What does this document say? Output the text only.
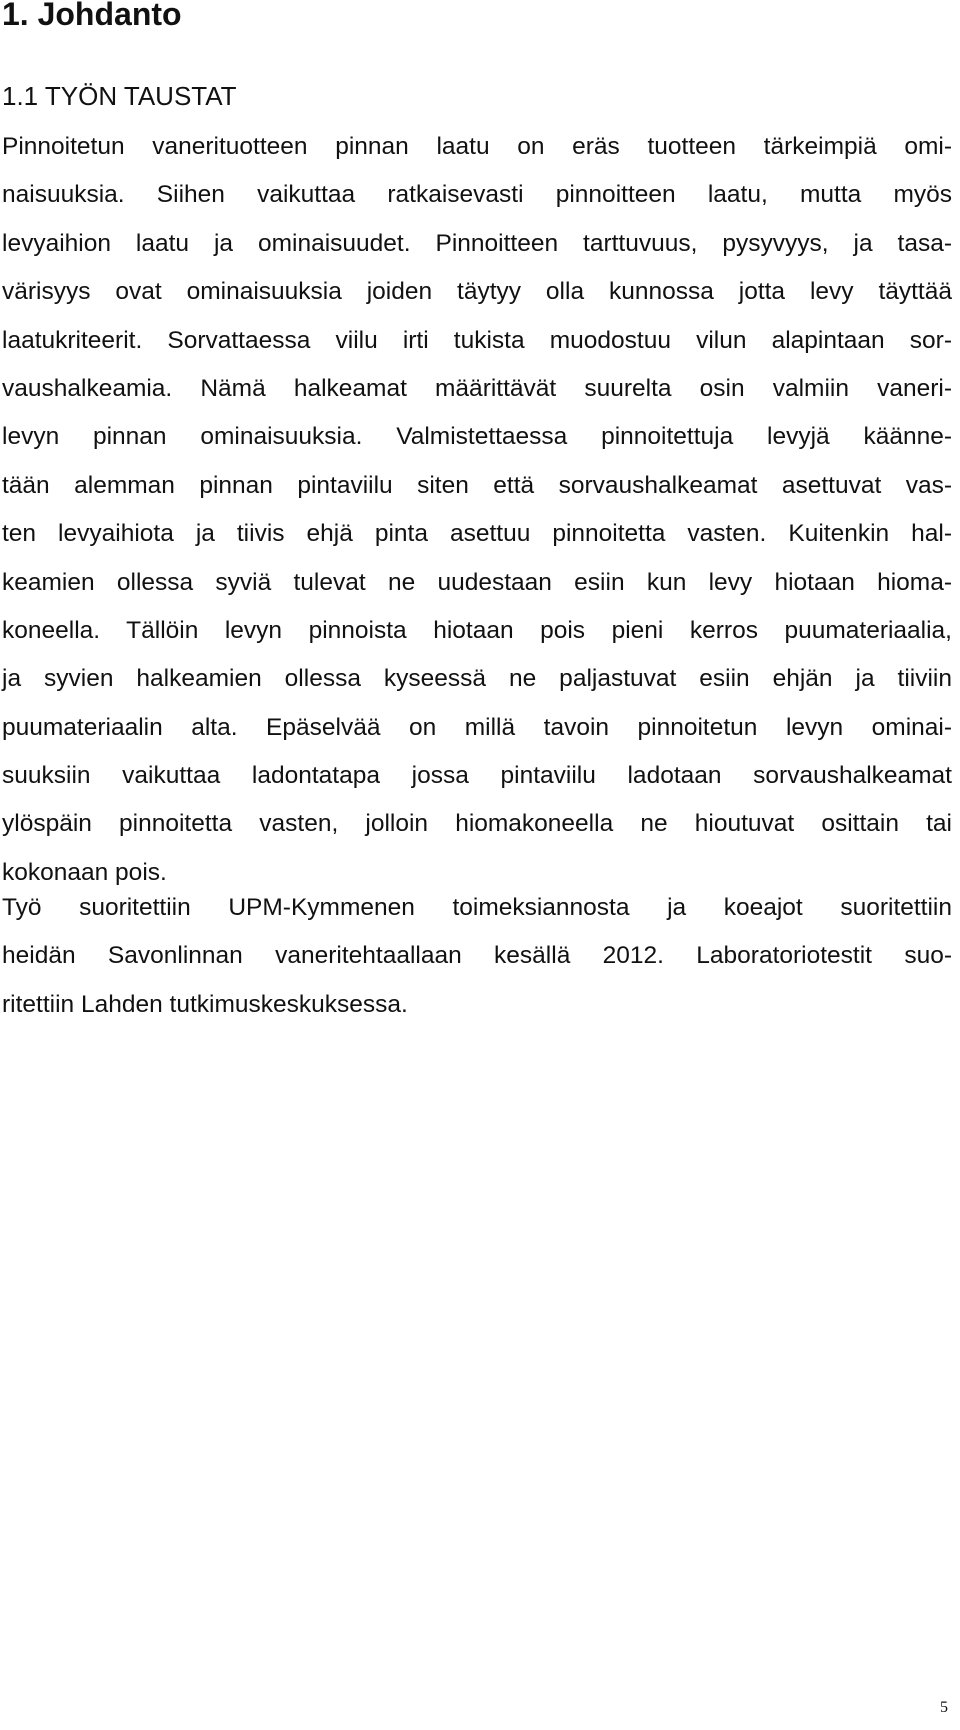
1. Johdanto
1.1 TYÖN TAUSTAT
Pinnoitetun vanerituotteen pinnan laatu on eräs tuotteen tärkeimpiä omi-
naisuuksia. Siihen vaikuttaa ratkaisevasti pinnoitteen laatu, mutta myös
levyaihion laatu ja ominaisuudet. Pinnoitteen tarttuvuus, pysyvyys, ja tasa-
värisyys ovat ominaisuuksia joiden täytyy olla kunnossa jotta levy täyttää
laatukriteerit. Sorvattaessa viilu irti tukista muodostuu vilun alapintaan sor-
vaushalkeamia. Nämä halkeamat määrittävät suurelta osin valmiin vaneri-
levyn pinnan ominaisuuksia. Valmistettaessa pinnoitettuja levyjä käänne-
tään alemman pinnan pintaviilu siten että sorvaushalkeamat asettuvat vas-
ten levyaihiota ja tiivis ehjä pinta asettuu pinnoitetta vasten. Kuitenkin hal-
keamien ollessa syviä tulevat ne uudestaan esiin kun levy hiotaan hioma-
koneella. Tällöin levyn pinnoista hiotaan pois pieni kerros puumateriaalia,
ja syvien halkeamien ollessa kyseessä ne paljastuvat esiin ehjän ja tiiviin
puumateriaalin alta. Epäselvää on millä tavoin pinnoitetun levyn ominai-
suuksiin vaikuttaa ladontatapa jossa pintaviilu ladotaan sorvaushalkeamat
ylöspäin pinnoitetta vasten, jolloin hiomakoneella ne hioutuvat osittain tai
kokonaan pois.
Työ suoritettiin UPM-Kymmenen toimeksiannosta ja koeajot suoritettiin
heidän Savonlinnan vaneritehtaallaan kesällä 2012. Laboratoriotestit suo-
ritettiin Lahden tutkimuskeskuksessa.
5
